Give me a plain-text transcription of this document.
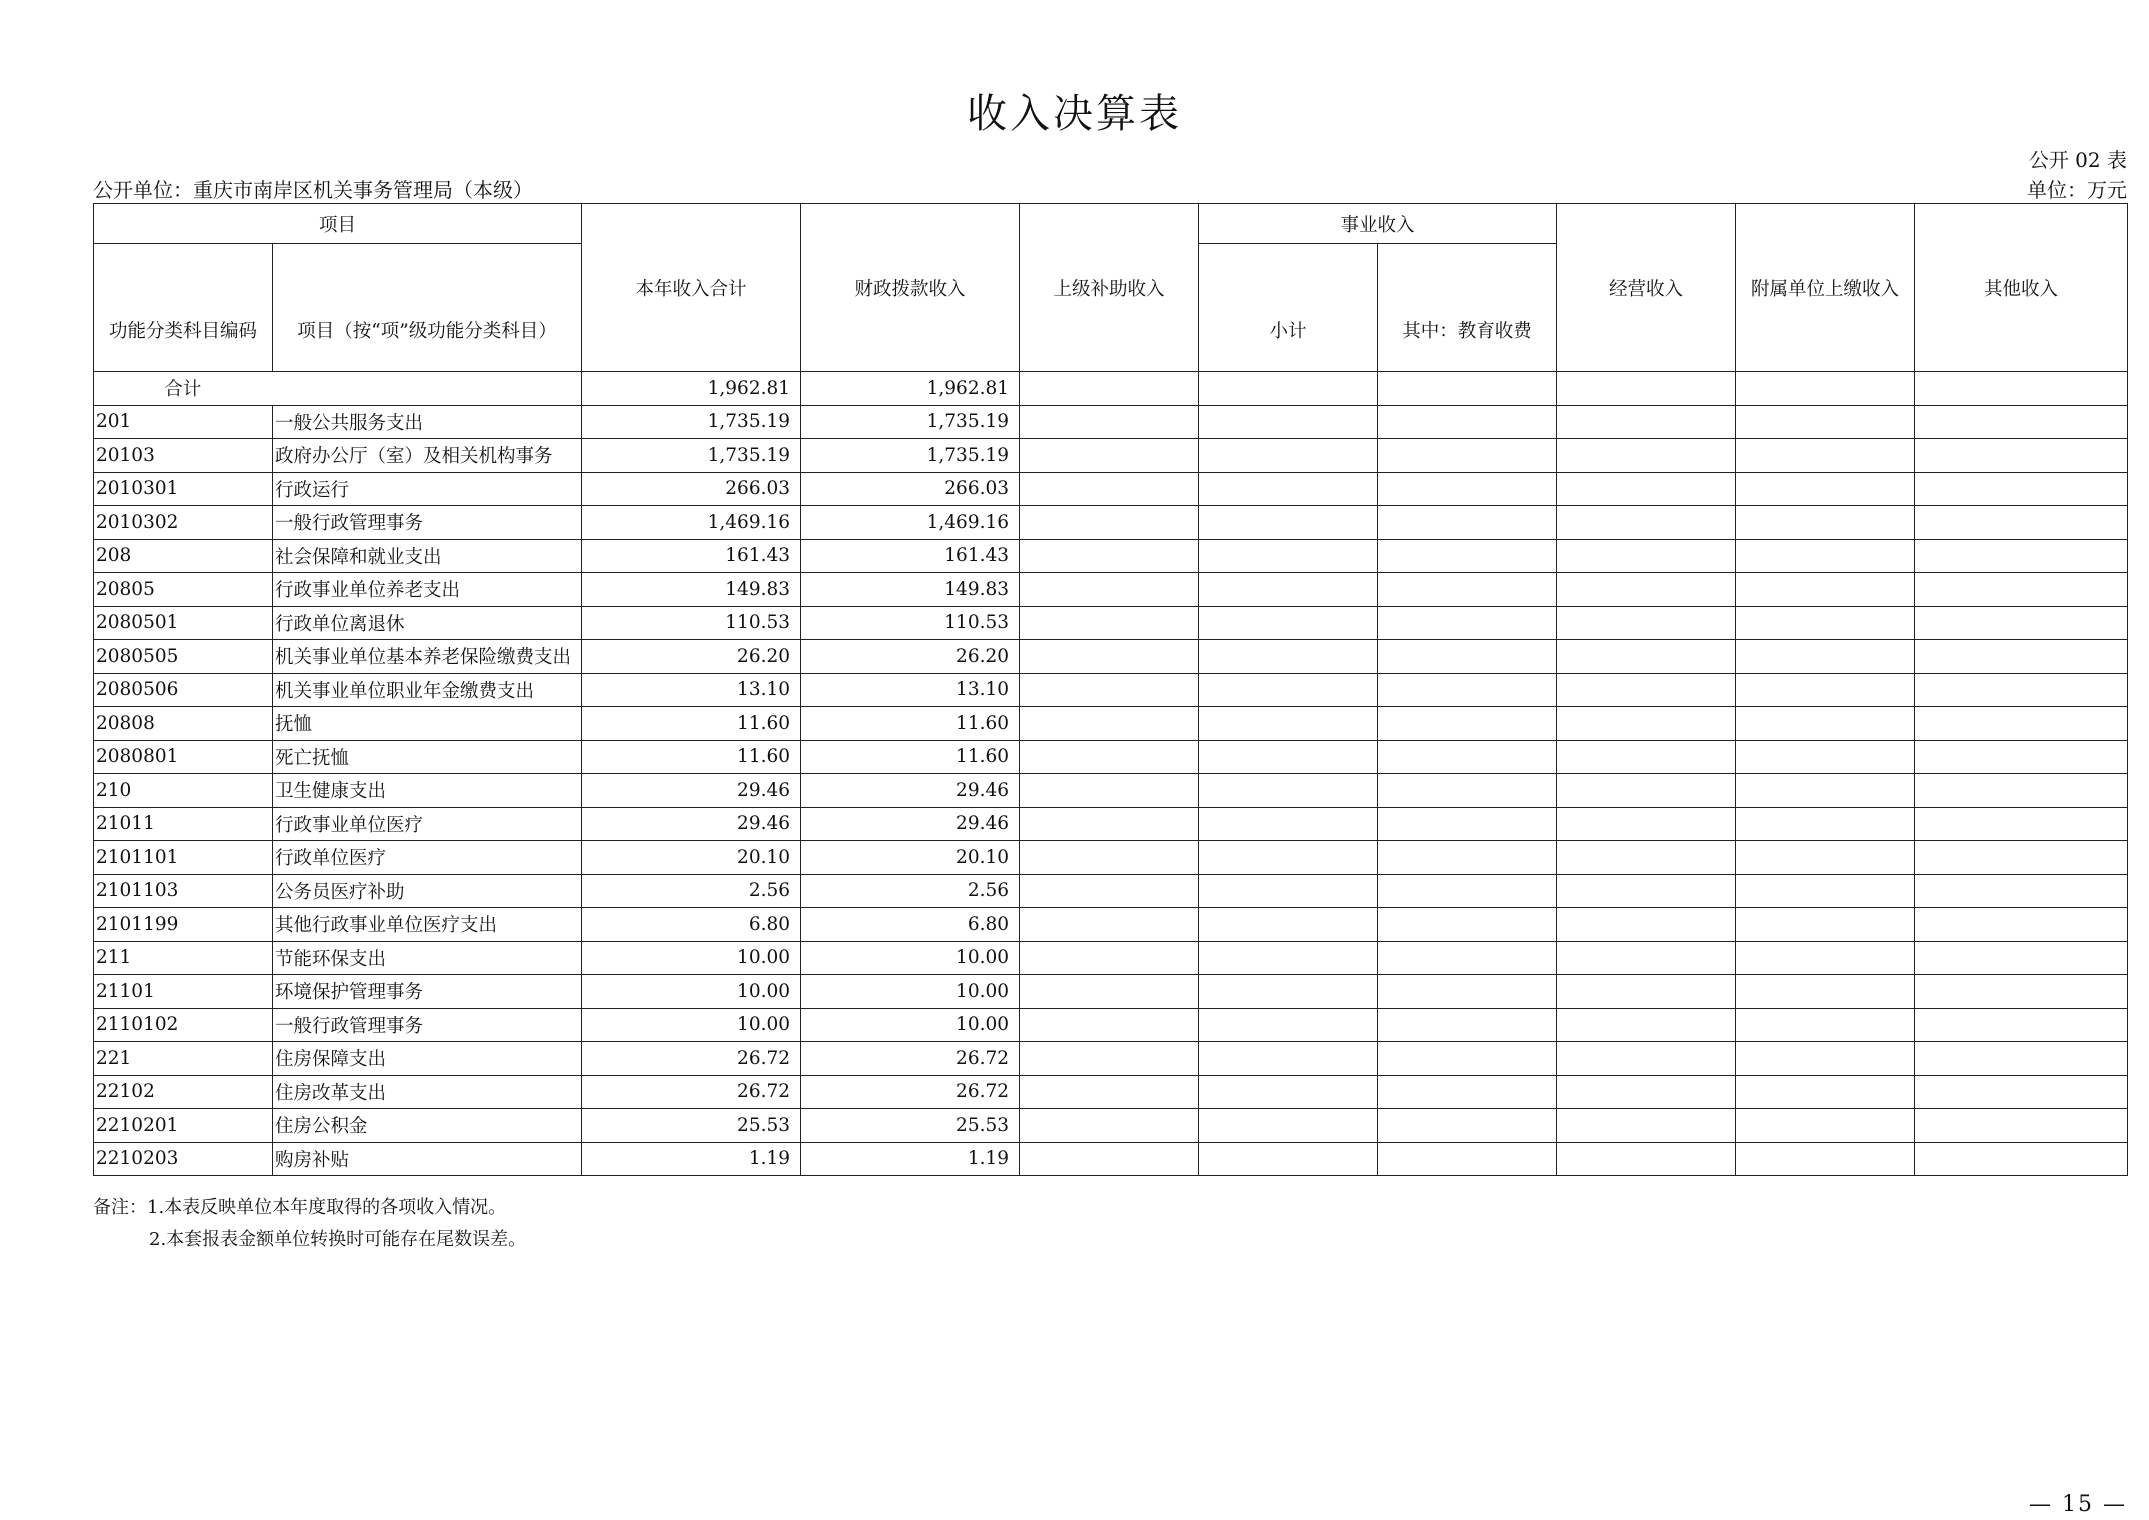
收入决算表
公开 02 表
公开单位：重庆市南岸区机关事务管理局（本级）	单位：万元
项目		本年收入合计	财政拨款收入	上级补助收入	事业收入		经营收入	附属单位上缴收入	其他收入
功能分类科目编码	项目（按“项”级功能分类科目）				小计	其中：教育收费			
	合计	1,962.81	1,962.81						
201	一般公共服务支出	1,735.19	1,735.19						
20103	政府办公厅（室）及相关机构事务	1,735.19	1,735.19						
2010301	行政运行	266.03	266.03						
2010302	一般行政管理事务	1,469.16	1,469.16						
208	社会保障和就业支出	161.43	161.43						
20805	行政事业单位养老支出	149.83	149.83						
2080501	行政单位离退休	110.53	110.53						
2080505	机关事业单位基本养老保险缴费支出	26.20	26.20						
2080506	机关事业单位职业年金缴费支出	13.10	13.10						
20808	抚恤	11.60	11.60						
2080801	死亡抚恤	11.60	11.60						
210	卫生健康支出	29.46	29.46						
21011	行政事业单位医疗	29.46	29.46						
2101101	行政单位医疗	20.10	20.10						
2101103	公务员医疗补助	2.56	2.56						
2101199	其他行政事业单位医疗支出	6.80	6.80						
211	节能环保支出	10.00	10.00						
21101	环境保护管理事务	10.00	10.00						
2110102	一般行政管理事务	10.00	10.00						
221	住房保障支出	26.72	26.72						
22102	住房改革支出	26.72	26.72						
2210201	住房公积金	25.53	25.53						
2210203	购房补贴	1.19	1.19						
备注：1.本表反映单位本年度取得的各项收入情况。
2.本套报表金额单位转换时可能存在尾数误差。
— 15 —
